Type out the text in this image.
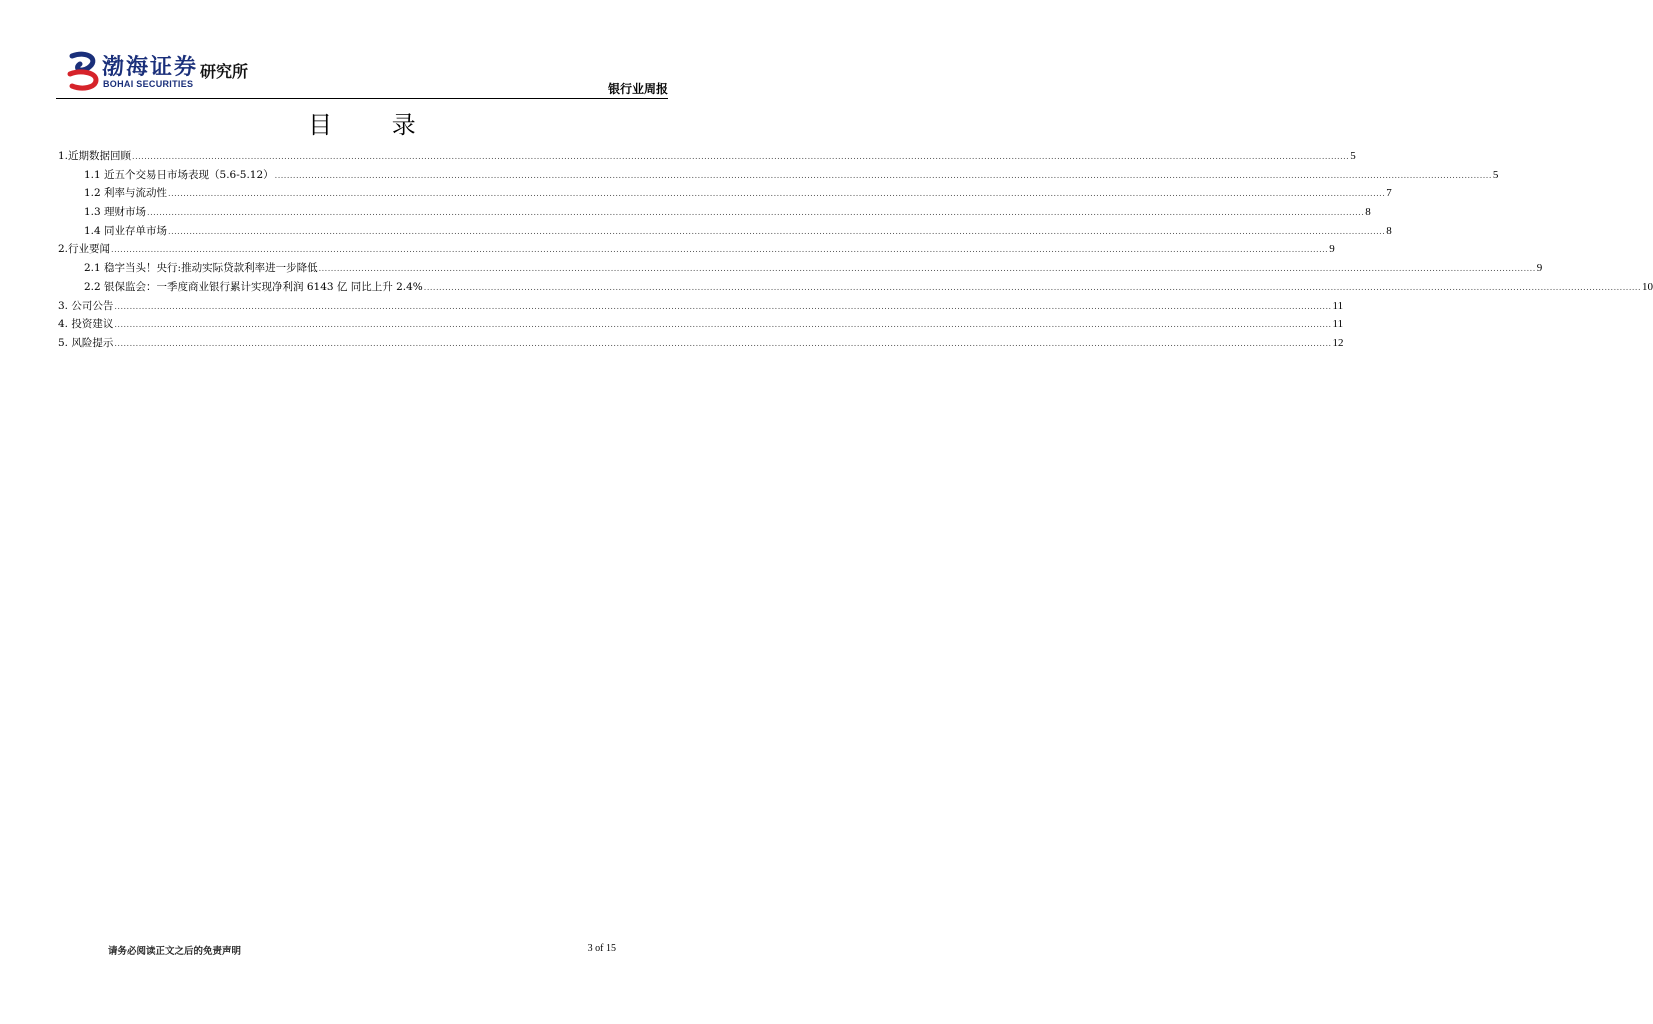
渤海证券
BOHAI SECURITIES
研究所
银行业周报
目 录
1.近期数据回顾 ................................................................................................................................................................................................................................................................................................................................................................................................................ 5
1.1 近五个交易日市场表现（5.6-5.12） ................................................................................................................................................................................................................................................................................................................................................................................................................ 5
1.2 利率与流动性 ................................................................................................................................................................................................................................................................................................................................................................................................................ 7
1.3 理财市场 ................................................................................................................................................................................................................................................................................................................................................................................................................ 8
1.4 同业存单市场 ................................................................................................................................................................................................................................................................................................................................................................................................................ 8
2.行业要闻 ................................................................................................................................................................................................................................................................................................................................................................................................................ 9
2.1 稳字当头！央行:推动实际贷款利率进一步降低 ................................................................................................................................................................................................................................................................................................................................................................................................................ 9
2.2 银保监会：一季度商业银行累计实现净利润 6143 亿 同比上升 2.4% ................................................................................................................................................................................................................................................................................................................................................................................................................ 10
3. 公司公告 ................................................................................................................................................................................................................................................................................................................................................................................................................ 11
4. 投资建议 ................................................................................................................................................................................................................................................................................................................................................................................................................ 11
5. 风险提示 ................................................................................................................................................................................................................................................................................................................................................................................................................ 12
请务必阅读正文之后的免责声明	3 of 15
